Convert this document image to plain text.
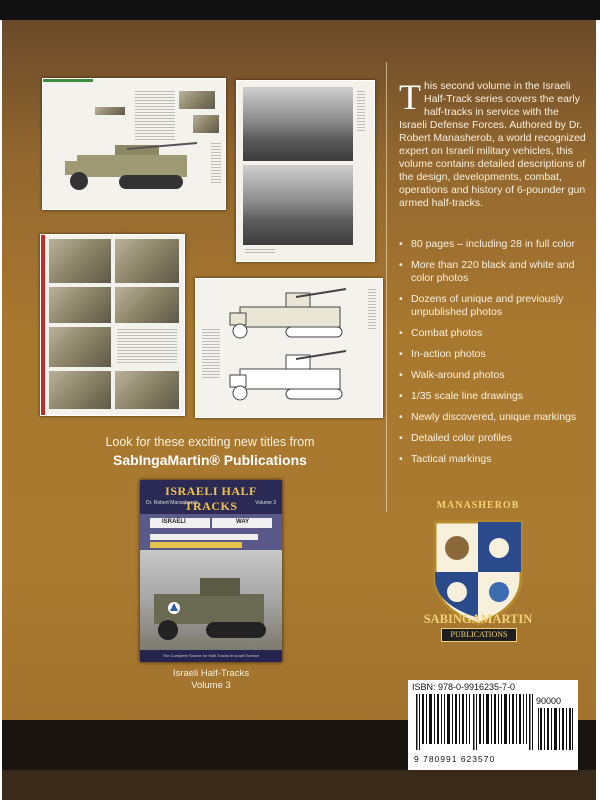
This second volume in the Israeli Half-Track series covers the early half-tracks in service with the Israeli Defense Forces. Authored by Dr. Robert Manasherob, a world recognized expert on Israeli military vehicles, this volume contains detailed descriptions of the design, developments, combat, operations and history of 6-pounder gun armed half-tracks.
• 80 pages – including 28 in full color
• More than 220 black and white and color photos
• Dozens of unique and previously unpublished photos
• Combat photos
• In-action photos
• Walk-around photos
• 1/35 scale line drawings
• Newly discovered, unique markings
• Detailed color profiles
• Tactical markings
Look for these exciting new titles from
SabIngaMartin® Publications
ISRAELI HALF TRACKS
Dr. Robert Manasherob	Volume 3
ISRAELI	WAY
The Complete Source for Half-Tracks in Israeli Service
Israeli Half-Tracks
Volume 3
MANASHEROB
SABINGAMARTIN
PUBLICATIONS
ISBN: 978-0-9916235-7-0
90000
9 780991 623570
